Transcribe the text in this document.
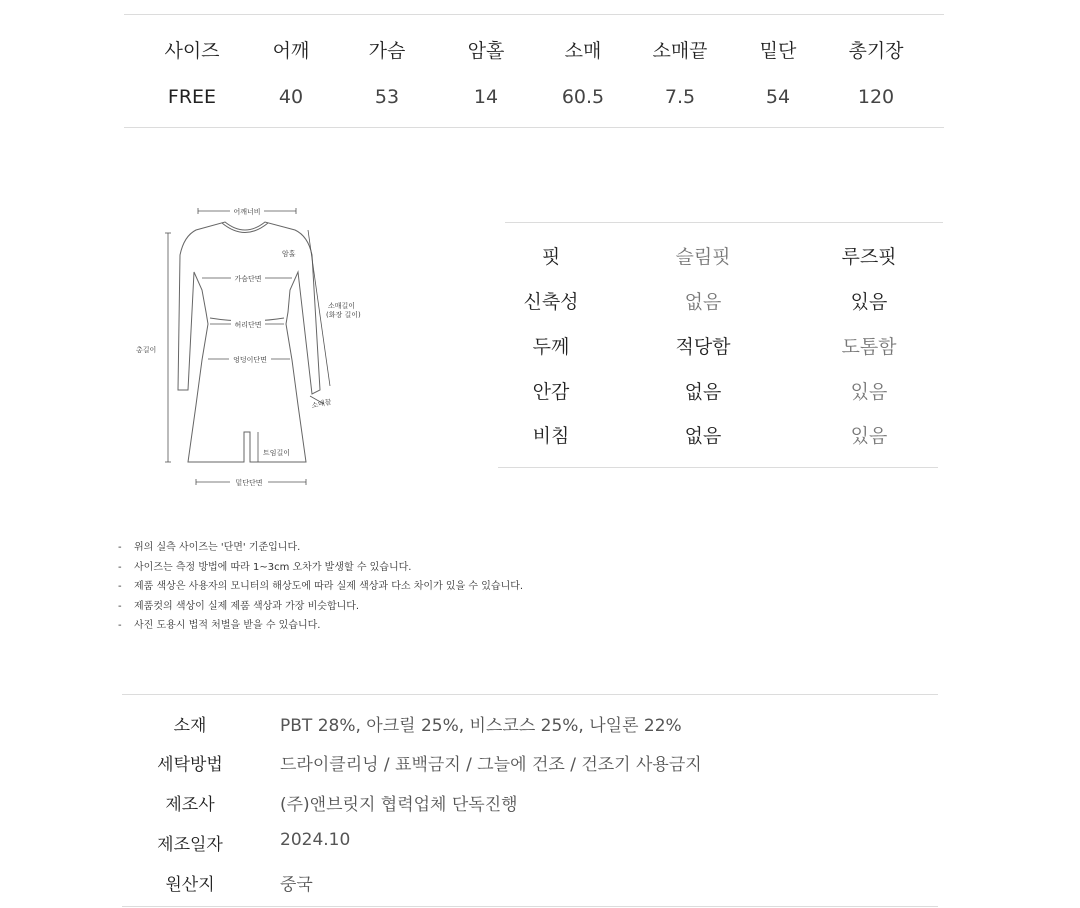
사이즈	어깨	가슴	암홀	소매	소매끝	밑단	총기장
FREE	40	53	14	60.5	7.5	54	120
어깨너비
암홀
가슴단면
허리단면
엉덩이단면
소매길이
(화장 길이)
총길이
소매끝
트임길이
밑단단면
핏	슬림핏	루즈핏
신축성	없음	있음
두께	적당함	도톰함
안감	없음	있음
비침	없음	있음
- 위의 실측 사이즈는 '단면' 기준입니다.
- 사이즈는 측정 방법에 따라 1~3cm 오차가 발생할 수 있습니다.
- 제품 색상은 사용자의 모니터의 해상도에 따라 실제 색상과 다소 차이가 있을 수 있습니다.
- 제품컷의 색상이 실제 제품 색상과 가장 비슷합니다.
- 사진 도용시 법적 처벌을 받을 수 있습니다.
소재	PBT 28%, 아크릴 25%, 비스코스 25%, 나일론 22%
세탁방법	드라이클리닝 / 표백금지 / 그늘에 건조 / 건조기 사용금지
제조사	(주)앤브릿지 협력업체 단독진행
제조일자	2024.10
원산지	중국
